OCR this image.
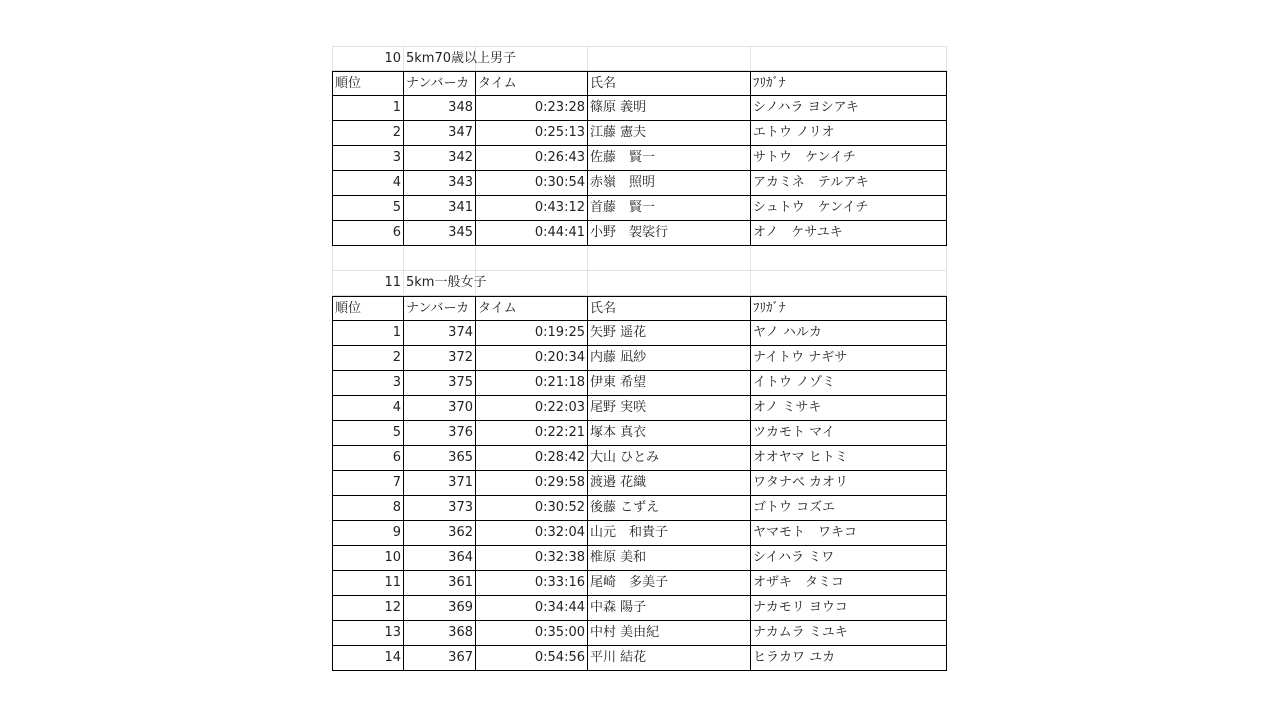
10 5km70歳以上男子
順位	ナンバーカ タイム	氏名	ﾌﾘｶﾞﾅ
1	348	0:23:28 篠原 義明	シノハラ ヨシアキ
2	347	0:25:13 江藤 憲夫	エトウ ノリオ
3	342	0:26:43 佐藤　賢一	サトウ　ケンイチ
4	343	0:30:54 赤嶺　照明	アカミネ　テルアキ
5	341	0:43:12 首藤　賢一	シュトウ　ケンイチ
6	345	0:44:41 小野　袈裟行	オノ　ケサユキ
11 5km一般女子
順位	ナンバーカ タイム	氏名	ﾌﾘｶﾞﾅ
1	374	0:19:25 矢野 遥花	ヤノ ハルカ
2	372	0:20:34 内藤 凪紗	ナイトウ ナギサ
3	375	0:21:18 伊東 希望	イトウ ノゾミ
4	370	0:22:03 尾野 実咲	オノ ミサキ
5	376	0:22:21 塚本 真衣	ツカモト マイ
6	365	0:28:42 大山 ひとみ	オオヤマ ヒトミ
7	371	0:29:58 渡邉 花織	ワタナベ カオリ
8	373	0:30:52 後藤 こずえ	ゴトウ コズエ
9	362	0:32:04 山元　和貴子	ヤマモト　ワキコ
10	364	0:32:38 椎原 美和	シイハラ ミワ
11	361	0:33:16 尾崎　多美子	オザキ　タミコ
12	369	0:34:44 中森 陽子	ナカモリ ヨウコ
13	368	0:35:00 中村 美由紀	ナカムラ ミユキ
14	367	0:54:56 平川 結花	ヒラカワ ユカ
